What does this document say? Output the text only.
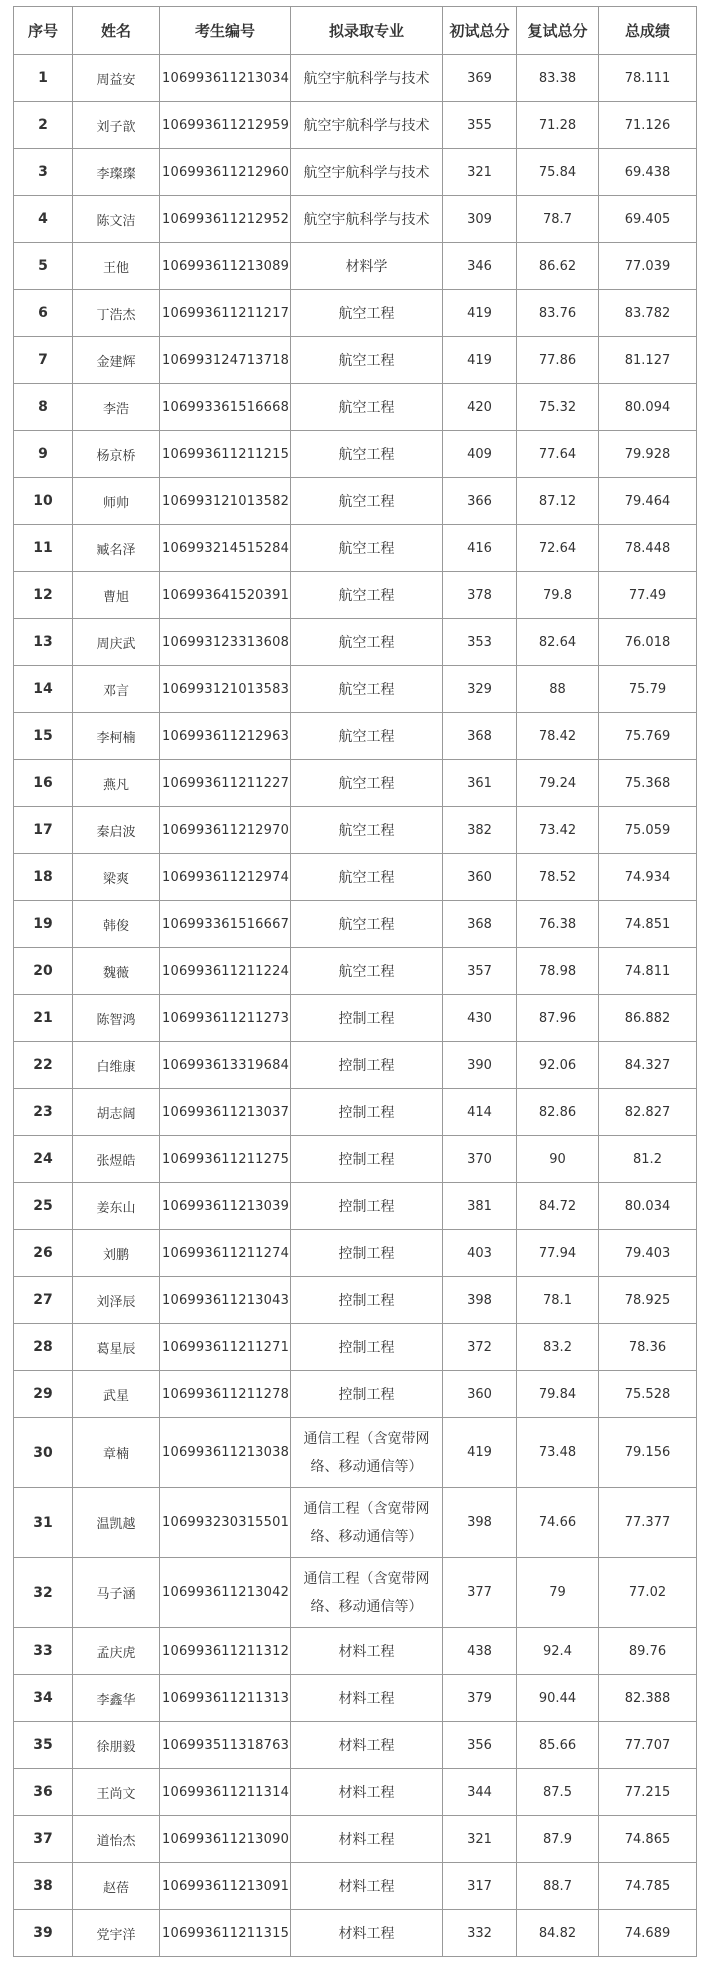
序号	姓名	考生编号	拟录取专业	初试总分	复试总分	总成绩
1	周益安	106993611213034	航空宇航科学与技术	369	83.38	78.111
2	刘子歆	106993611212959	航空宇航科学与技术	355	71.28	71.126
3	李璨璨	106993611212960	航空宇航科学与技术	321	75.84	69.438
4	陈文洁	106993611212952	航空宇航科学与技术	309	78.7	69.405
5	王他	106993611213089	材料学	346	86.62	77.039
6	丁浩杰	106993611211217	航空工程	419	83.76	83.782
7	金建辉	106993124713718	航空工程	419	77.86	81.127
8	李浩	106993361516668	航空工程	420	75.32	80.094
9	杨京桥	106993611211215	航空工程	409	77.64	79.928
10	师帅	106993121013582	航空工程	366	87.12	79.464
11	臧名泽	106993214515284	航空工程	416	72.64	78.448
12	曹旭	106993641520391	航空工程	378	79.8	77.49
13	周庆武	106993123313608	航空工程	353	82.64	76.018
14	邓言	106993121013583	航空工程	329	88	75.79
15	李柯楠	106993611212963	航空工程	368	78.42	75.769
16	燕凡	106993611211227	航空工程	361	79.24	75.368
17	秦启波	106993611212970	航空工程	382	73.42	75.059
18	梁爽	106993611212974	航空工程	360	78.52	74.934
19	韩俊	106993361516667	航空工程	368	76.38	74.851
20	魏薇	106993611211224	航空工程	357	78.98	74.811
21	陈智鸿	106993611211273	控制工程	430	87.96	86.882
22	白维康	106993613319684	控制工程	390	92.06	84.327
23	胡志阔	106993611213037	控制工程	414	82.86	82.827
24	张煜皓	106993611211275	控制工程	370	90	81.2
25	姜东山	106993611213039	控制工程	381	84.72	80.034
26	刘鹏	106993611211274	控制工程	403	77.94	79.403
27	刘泽辰	106993611213043	控制工程	398	78.1	78.925
28	葛星辰	106993611211271	控制工程	372	83.2	78.36
29	武星	106993611211278	控制工程	360	79.84	75.528
30	章楠	106993611213038	通信工程（含宽带网络、移动通信等）	419	73.48	79.156
31	温凯越	106993230315501	通信工程（含宽带网络、移动通信等）	398	74.66	77.377
32	马子涵	106993611213042	通信工程（含宽带网络、移动通信等）	377	79	77.02
33	孟庆虎	106993611211312	材料工程	438	92.4	89.76
34	李鑫华	106993611211313	材料工程	379	90.44	82.388
35	徐朋毅	106993511318763	材料工程	356	85.66	77.707
36	王尚文	106993611211314	材料工程	344	87.5	77.215
37	道怡杰	106993611213090	材料工程	321	87.9	74.865
38	赵蓓	106993611213091	材料工程	317	88.7	74.785
39	党宇洋	106993611211315	材料工程	332	84.82	74.689
